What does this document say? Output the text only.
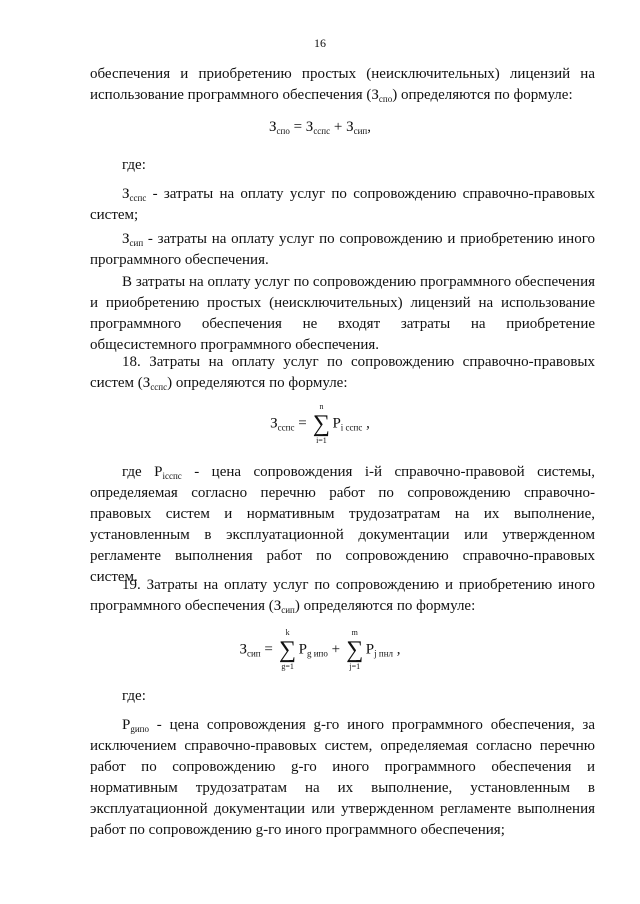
16
обеспечения и приобретению простых (неисключительных) лицензий на
использование программного обеспечения $(З_{спо})$ определяются по формуле:
$З_{спо} = З_{сспс} + З_{сип}$,
где:
$З_{сспс}$ - затраты на оплату услуг по сопровождению справочно-правовых систем;
$З_{сип}$ - затраты на оплату услуг по сопровождению и приобретению иного программного обеспечения.
В затраты на оплату услуг по сопровождению программного обеспечения и приобретению простых (неисключительных) лицензий на использование программного обеспечения не входят затраты на приобретение общесистемного программного обеспечения.
18. Затраты на оплату услуг по сопровождению справочно-правовых систем $(З_{сспс})$ определяются по формуле:
$З_{сспс}$ =
n
∑
i=1
$P_{i сспс}$ ,
где $P_{iсспс}$ - цена сопровождения i-й справочно-правовой системы, определяемая согласно перечню работ по сопровождению справочно-правовых систем и нормативным трудозатратам на их выполнение, установленным в эксплуатационной документации или утвержденном регламенте выполнения работ по сопровождению справочно-правовых систем.
19. Затраты на оплату услуг по сопровождению и приобретению иного программного обеспечения $(З_{сип})$ определяются по формуле:
$З_{сип}$ =
k
∑
g=1
$P_{g ипо}$ +
m
∑
j=1
$P_{j пнл}$ ,
где:
$P_{gипо}$ - цена сопровождения g-го иного программного обеспечения, за исключением справочно-правовых систем, определяемая согласно перечню работ по сопровождению g-го иного программного обеспечения и нормативным трудозатратам на их выполнение, установленным в эксплуатационной документации или утвержденном регламенте выполнения работ по сопровождению g-го иного программного обеспечения;
